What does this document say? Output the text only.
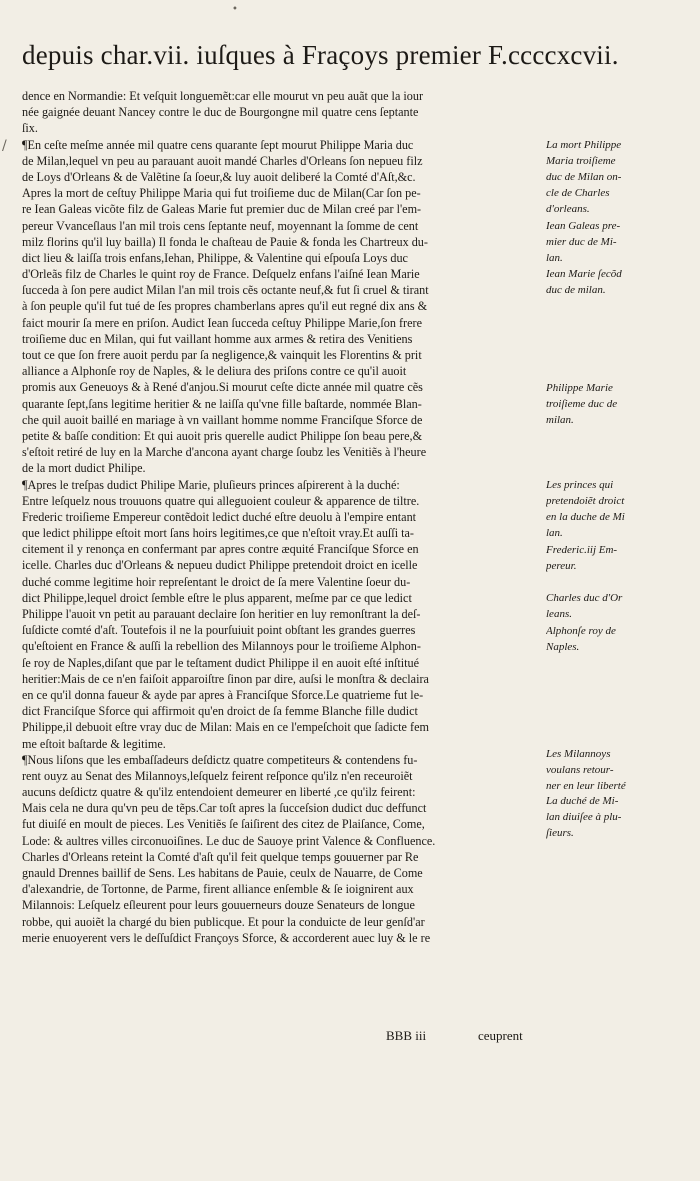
depuis char.vii. iuſques à Fraçoys premier F.ccccxcvii.
dence en Normandie: Et veſquit longuemẽt:car elle mourut vn peu auãt que la iour
née gaignée deuant Nancey contre le duc de Bourgongne mil quatre cens ſeptante
ſix.
¶En ceſte meſme année mil quatre cens quarante ſept mourut Philippe Maria duc
de Milan,lequel vn peu au parauant auoit mandé Charles d'Orleans ſon nepueu filz
de Loys d'Orleans & de Valẽtine ſa ſoeur,& luy auoit deliberé la Comté d'Aſt,&c.
Apres la mort de ceſtuy Philippe Maria qui fut troiſieme duc de Milan(Car ſon pe-
re Iean Galeas vicõte filz de Galeas Marie fut premier duc de Milan creé par l'em-
pereur Vvanceſlaus l'an mil trois cens ſeptante neuf, moyennant la ſomme de cent
milz florins qu'il luy bailla) Il fonda le chaſteau de Pauie & fonda les Chartreux du-
dict lieu & laiſſa trois enfans,Iehan, Philippe, & Valentine qui eſpouſa Loys duc
d'Orleãs filz de Charles le quint roy de France. Deſquelz enfans l'aiſné Iean Marie
ſucceda à ſon pere audict Milan l'an mil trois cẽs octante neuf,& fut ſi cruel & tirant
à ſon peuple qu'il fut tué de ſes propres chamberlans apres qu'il eut regné dix ans &
faict mourir ſa mere en priſon. Audict Iean ſucceda ceſtuy Philippe Marie,ſon frere
troiſieme duc en Milan, qui fut vaillant homme aux armes & retira des Venitiens
tout ce que ſon frere auoit perdu par ſa negligence,& vainquit les Florentins & prit
alliance a Alphonſe roy de Naples, & le deliura des priſons contre ce qu'il auoit
promis aux Geneuoys & à René d'anjou.Si mourut ceſte dicte année mil quatre cẽs
quarante ſept,ſans legitime heritier & ne laiſſa qu'vne fille baſtarde, nommée Blan-
che quil auoit baillé en mariage à vn vaillant homme nomme Franciſque Sforce de
petite & baſſe condition: Et qui auoit pris querelle audict Philippe ſon beau pere,&
s'eſtoit retiré de luy en la Marche d'ancona ayant charge ſoubz les Venitiẽs à l'heure
de la mort dudict Philipe.
¶Apres le treſpas dudict Philipe Marie, pluſieurs princes aſpirerent à la duché:
Entre leſquelz nous trouuons quatre qui alleguoient couleur & apparence de tiltre.
Frederic troiſieme Empereur contẽdoit ledict duché eſtre deuolu à l'empire entant
que ledict philippe eſtoit mort ſans hoirs legitimes,ce que n'eſtoit vray.Et auſſi ta-
citement il y renonça en confermant par apres contre æquité Franciſque Sforce en
icelle. Charles duc d'Orleans & nepueu dudict Philippe pretendoit droict en icelle
duché comme legitime hoir repreſentant le droict de ſa mere Valentine ſoeur du-
dict Philippe,lequel droict ſemble eſtre le plus apparent, meſme par ce que ledict
Philippe l'auoit vn petit au parauant declaire ſon heritier en luy remonſtrant la deſ-
ſuſdicte comté d'aſt. Toutefois il ne la pourſuiuit point obſtant les grandes guerres
qu'eſtoient en France & auſſi la rebellion des Milannoys pour le troiſieme Alphon-
ſe roy de Naples,diſant que par le teſtament dudict Philippe il en auoit eſté inſtitué
heritier:Mais de ce n'en faiſoit apparoiſtre ſinon par dire, auſsi le monſtra & declaira
en ce qu'il donna faueur & ayde par apres à Franciſque Sforce.Le quatrieme fut le-
dict Franciſque Sforce qui affirmoit qu'en droict de ſa femme Blanche fille dudict
Philippe,il debuoit eſtre vray duc de Milan: Mais en ce l'empeſchoit que ſadicte fem
me eſtoit baſtarde & legitime.
¶Nous liſons que les embaſſadeurs deſdictz quatre competiteurs & contendens fu-
rent ouyz au Senat des Milannoys,leſquelz feirent reſponce qu'ilz n'en receuroiẽt
aucuns deſdictz quatre & qu'ilz entendoient demeurer en liberté ,ce qu'ilz feirent:
Mais cela ne dura qu'vn peu de tẽps.Car toſt apres la ſucceſsion dudict duc deffunct
fut diuiſé en moult de pieces. Les Venitiẽs ſe ſaiſirent des citez de Plaiſance, Come,
Lode: & aultres villes circonuoiſines. Le duc de Sauoye print Valence & Confluence.
Charles d'Orleans reteint la Comté d'aſt qu'il feit quelque temps gouuerner par Re
gnauld Drennes baillif de Sens. Les habitans de Pauie, ceulx de Nauarre, de Come
d'alexandrie, de Tortonne, de Parme, firent alliance enſemble & ſe ioignirent aux
Milannois: Leſquelz eſleurent pour leurs gouuerneurs douze Senateurs de longue
robbe, qui auoiẽt la chargé du bien publicque. Et pour la conduicte de leur genſd'ar
merie enuoyerent vers le deſſuſdict Françoys Sforce, & accorderent auec luy & le re
La mort Philippe
Maria troiſieme
duc de Milan on-
cle de Charles
d'orleans.
Iean Galeas pre-
mier duc de Mi-
lan.
Iean Marie ſecõd
duc de milan.
Philippe Marie
troiſieme duc de
milan.
Les princes qui
pretendoiẽt droict
en la duche de Mi
lan.
Frederic.iij Em-
pereur.
Charles duc d'Or
leans.
Alphonſe roy de
Naples.
Les Milannoys
voulans retour-
ner en leur liberté
La duché de Mi-
lan diuiſee à plu-
ſieurs.
BBB iii	ceuprent
•
/
